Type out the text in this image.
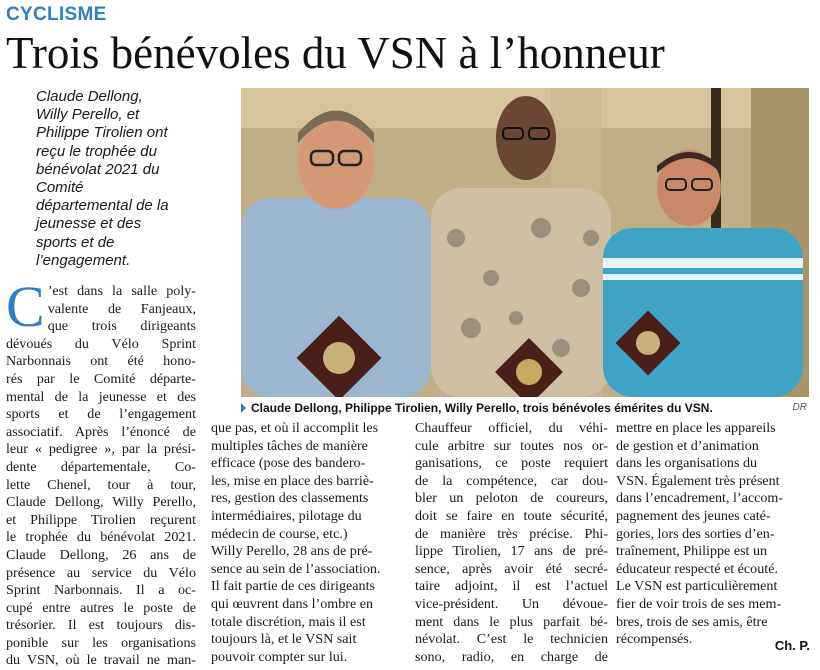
CYCLISME
Trois bénévoles du VSN à l’honneur
Claude Dellong,
Willy Perello, et
Philippe Tirolien ont
reçu le trophée du
bénévolat 2021 du
Comité
départemental de la
jeunesse et des
sports et de
l’engagement.
Claude Dellong, Philippe Tirolien, Willy Perello, trois bénévoles émérites du VSN.	DR
C ’est dans la salle poly-
valente de Fanjeaux,
que trois dirigeants
dévoués du Vélo Sprint
Narbonnais ont été hono-
rés par le Comité départe-
mental de la jeunesse et des
sports et de l’engagement
associatif. Après l’énoncé de
leur « pedigree », par la prési-
dente départementale, Co-
lette Chenel, tour à tour,
Claude Dellong, Willy Perello,
et Philippe Tirolien reçurent
le trophée du bénévolat 2021.
Claude Dellong, 26 ans de
présence au service du Vélo
Sprint Narbonnais. Il a oc-
cupé entre autres le poste de
trésorier. Il est toujours dis-
ponible sur les organisations
du VSN, où le travail ne man-
que pas, et où il accomplit les
multiples tâches de manière
efficace (pose des bandero-
les, mise en place des barriè-
res, gestion des classements
intermédiaires, pilotage du
médecin de course, etc.)
Willy Perello, 28 ans de pré-
sence au sein de l’association.
Il fait partie de ces dirigeants
qui œuvrent dans l’ombre en
totale discrétion, mais il est
toujours là, et le VSN sait
pouvoir compter sur lui.
Chauffeur officiel, du véhi-
cule arbitre sur toutes nos or-
ganisations, ce poste requiert
de la compétence, car dou-
bler un peloton de coureurs,
doit se faire en toute sécurité,
de manière très précise. Phi-
lippe Tirolien, 17 ans de pré-
sence, après avoir été secré-
taire adjoint, il est l’actuel
vice-président. Un dévoue-
ment dans le plus parfait bé-
névolat. C’est le technicien
sono, radio, en charge de
mettre en place les appareils
de gestion et d’animation
dans les organisations du
VSN. Également très présent
dans l’encadrement, l’accom-
pagnement des jeunes caté-
gories, lors des sorties d’en-
traînement, Philippe est un
éducateur respecté et écouté.
Le VSN est particulièrement
fier de voir trois de ses mem-
bres, trois de ses amis, être
récompensés.	Ch. P.
